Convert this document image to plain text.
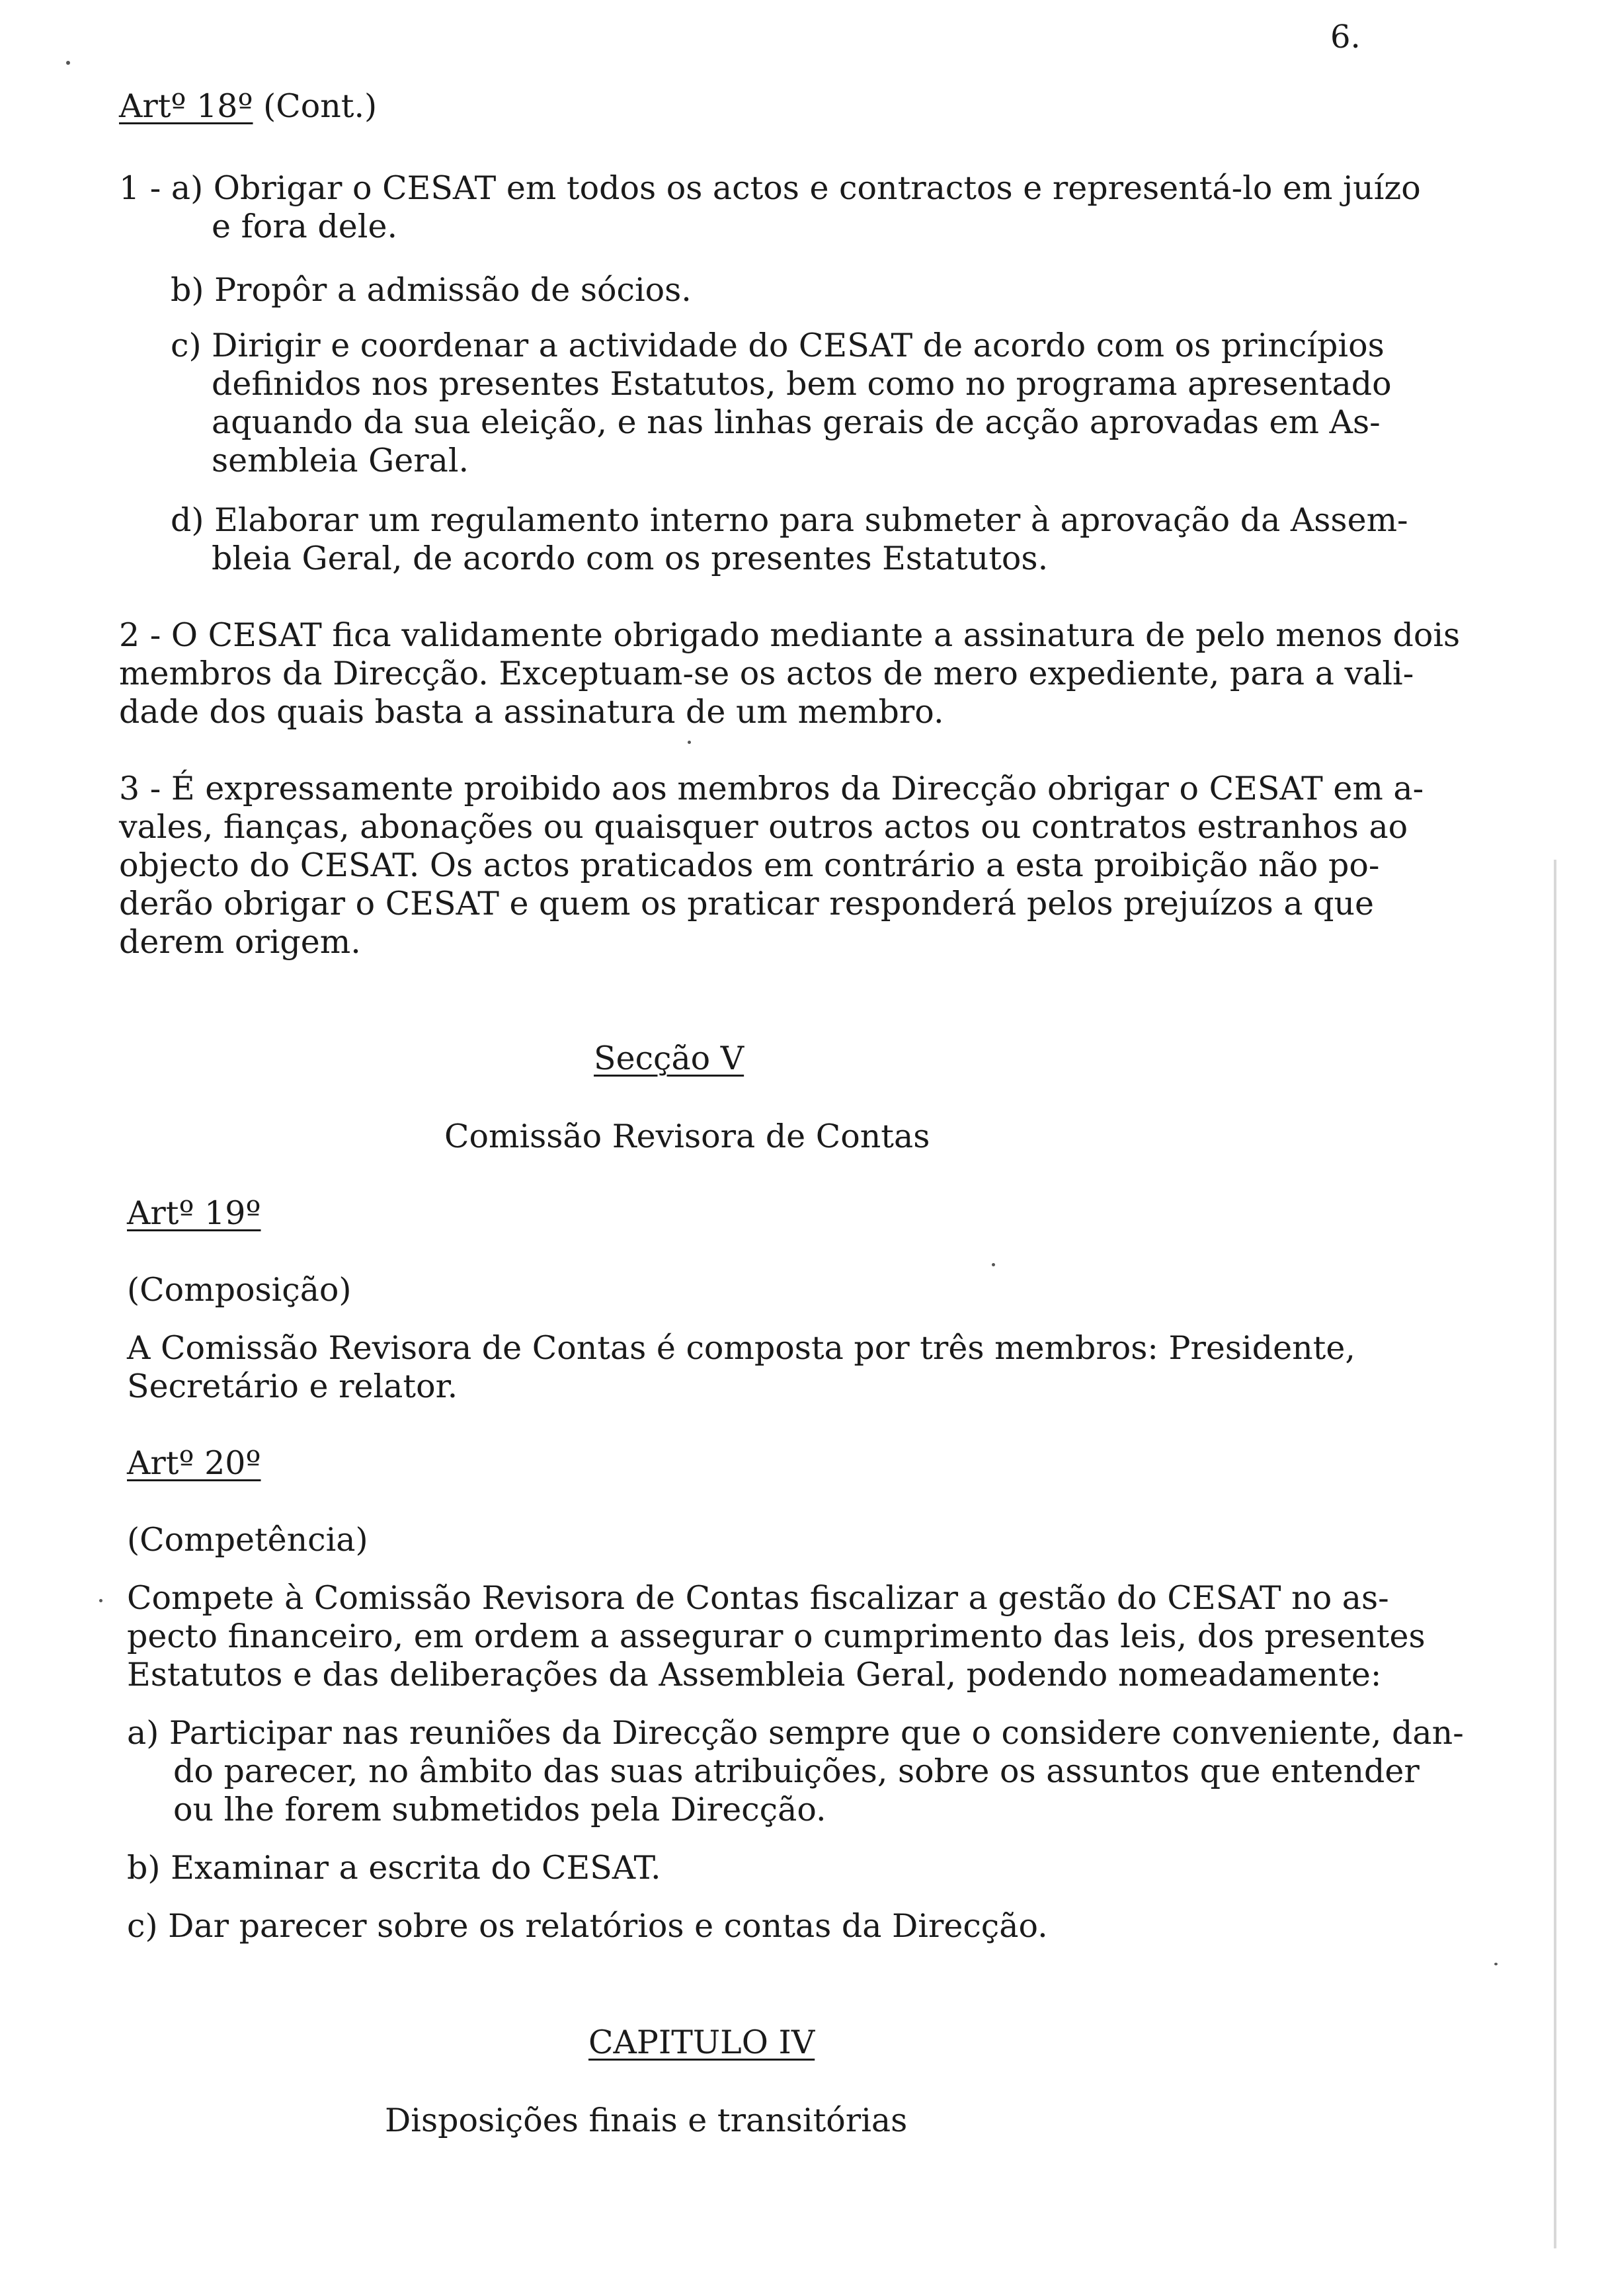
6.
Artº 18º (Cont.)
1 - a) Obrigar o CESAT em todos os actos e contractos e representá-lo em juízo
e fora dele.
b) Propôr a admissão de sócios.
c) Dirigir e coordenar a actividade do CESAT de acordo com os princípios
definidos nos presentes Estatutos, bem como no programa apresentado
aquando da sua eleição, e nas linhas gerais de acção aprovadas em As-
sembleia Geral.
d) Elaborar um regulamento interno para submeter à aprovação da Assem-
bleia Geral, de acordo com os presentes Estatutos.
2 - O CESAT fica validamente obrigado mediante a assinatura de pelo menos dois
membros da Direcção. Exceptuam-se os actos de mero expediente, para a vali-
dade dos quais basta a assinatura de um membro.
3 - É expressamente proibido aos membros da Direcção obrigar o CESAT em a-
vales, fianças, abonações ou quaisquer outros actos ou contratos estranhos ao
objecto do CESAT. Os actos praticados em contrário a esta proibição não po-
derão obrigar o CESAT e quem os praticar responderá pelos prejuízos a que
derem origem.
Secção V
Comissão Revisora de Contas
Artº 19º
(Composição)
A Comissão Revisora de Contas é composta por três membros: Presidente,
Secretário e relator.
Artº 20º
(Competência)
Compete à Comissão Revisora de Contas fiscalizar a gestão do CESAT no as-
pecto financeiro, em ordem a assegurar o cumprimento das leis, dos presentes
Estatutos e das deliberações da Assembleia Geral, podendo nomeadamente:
a) Participar nas reuniões da Direcção sempre que o considere conveniente, dan-
do parecer, no âmbito das suas atribuições, sobre os assuntos que entender
ou lhe forem submetidos pela Direcção.
b) Examinar a escrita do CESAT.
c) Dar parecer sobre os relatórios e contas da Direcção.
CAPITULO IV
Disposições finais e transitórias
